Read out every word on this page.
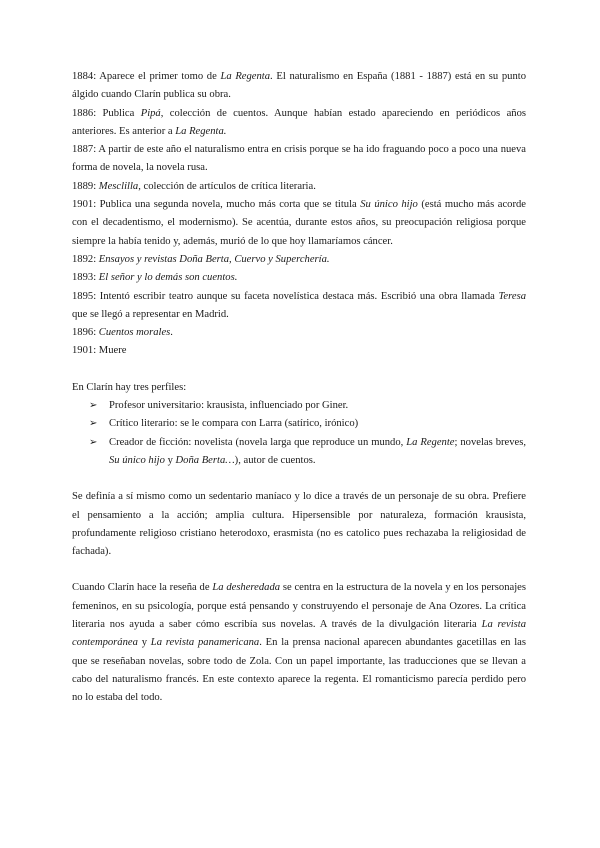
1884: Aparece el primer tomo de La Regenta. El naturalismo en España (1881 - 1887) está en su punto álgido cuando Clarín publica su obra.

1886: Publica Pipá, colección de cuentos. Aunque habían estado apareciendo en periódicos años anteriores. Es anterior a La Regenta.

1887: A partir de este año el naturalismo entra en crisis porque se ha ido fraguando poco a poco una nueva forma de novela, la novela rusa.

1889: Mesclilla, colección de artículos de crítica literaria.

1901: Publica una segunda novela, mucho más corta que se titula Su único hijo (está mucho más acorde con el decadentismo, el modernismo). Se acentúa, durante estos años, su preocupación religiosa porque siempre la había tenido y, además, murió de lo que hoy llamaríamos cáncer.

1892: Ensayos y revistas Doña Berta, Cuervo y Superchería.

1893: El señor y lo demás son cuentos.

1895: Intentó escribir teatro aunque su faceta novelística destaca más. Escribió una obra llamada Teresa que se llegó a representar en Madrid.

1896: Cuentos morales.

1901: Muere

En Clarín hay tres perfiles:

➢ Profesor universitario: krausista, influenciado por Giner.
➢ Crítico literario: se le compara con Larra (satírico, irónico)
➢ Creador de ficción: novelista (novela larga que reproduce un mundo, La Regente; novelas breves, Su único hijo y Doña Berta…), autor de cuentos.

Se definía a sí mismo como un sedentario maníaco y lo dice a través de un personaje de su obra. Prefiere el pensamiento a la acción; amplia cultura. Hipersensible por naturaleza, formación krausista, profundamente religioso cristiano heterodoxo, erasmista (no es catolico pues rechazaba la religiosidad de fachada).

Cuando Clarín hace la reseña de La desheredada se centra en la estructura de la novela y en los personajes femeninos, en su psicología, porque está pensando y construyendo el personaje de Ana Ozores. La crítica literaria nos ayuda a saber cómo escribía sus novelas. A través de la divulgación literaria La revista contemporánea y La revista panamericana. En la prensa nacional aparecen abundantes gacetillas en las que se reseñaban novelas, sobre todo de Zola. Con un papel importante, las traducciones que se llevan a cabo del naturalismo francés. En este contexto aparece la regenta. El romanticismo parecía perdido pero no lo estaba del todo.
